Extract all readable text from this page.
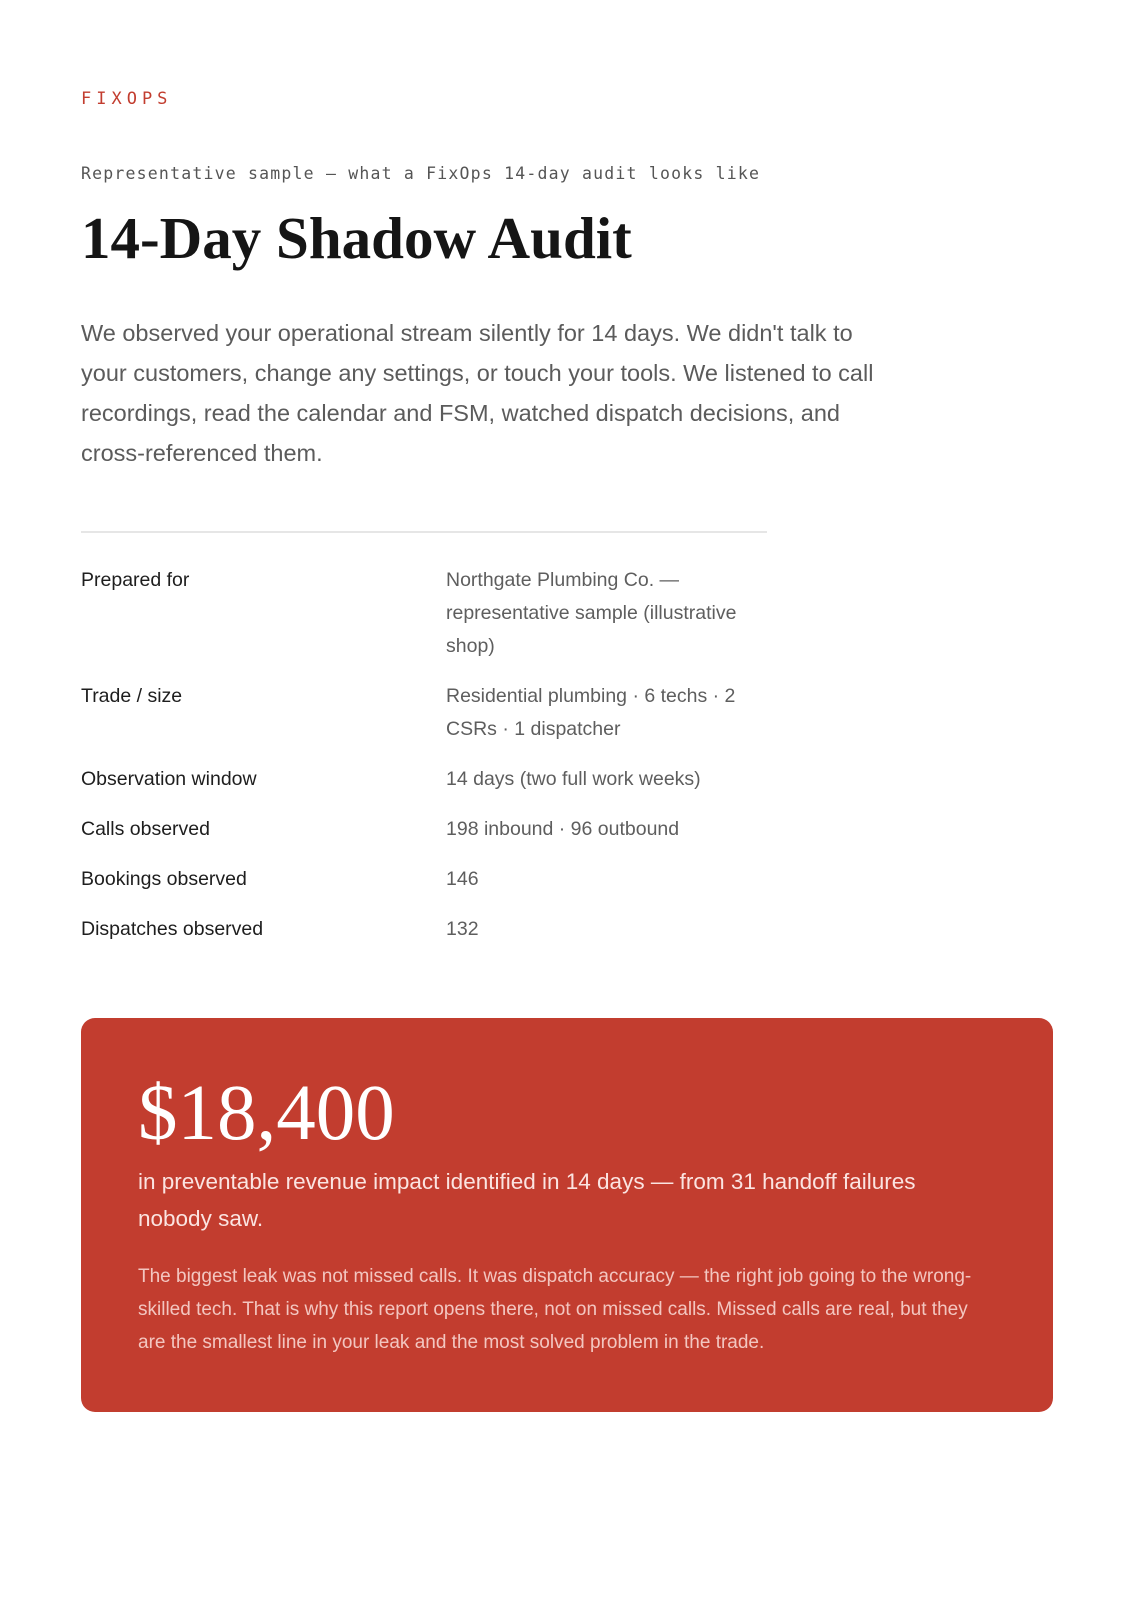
FIXOPS
Representative sample — what a FixOps 14-day audit looks like
14-Day Shadow Audit

We observed your operational stream silently for 14 days. We didn't talk to your customers, change any settings, or touch your tools. We listened to call recordings, read the calendar and FSM, watched dispatch decisions, and cross-referenced them.

Prepared for	Northgate Plumbing Co. — representative sample (illustrative shop)
Trade / size	Residential plumbing · 6 techs · 2 CSRs · 1 dispatcher
Observation window	14 days (two full work weeks)
Calls observed	198 inbound · 96 outbound
Bookings observed	146
Dispatches observed	132
$18,400

in preventable revenue impact identified in 14 days — from 31 handoff failures nobody saw.

The biggest leak was not missed calls. It was dispatch accuracy — the right job going to the wrong-skilled tech. That is why this report opens there, not on missed calls. Missed calls are real, but they are the smallest line in your leak and the most solved problem in the trade.
